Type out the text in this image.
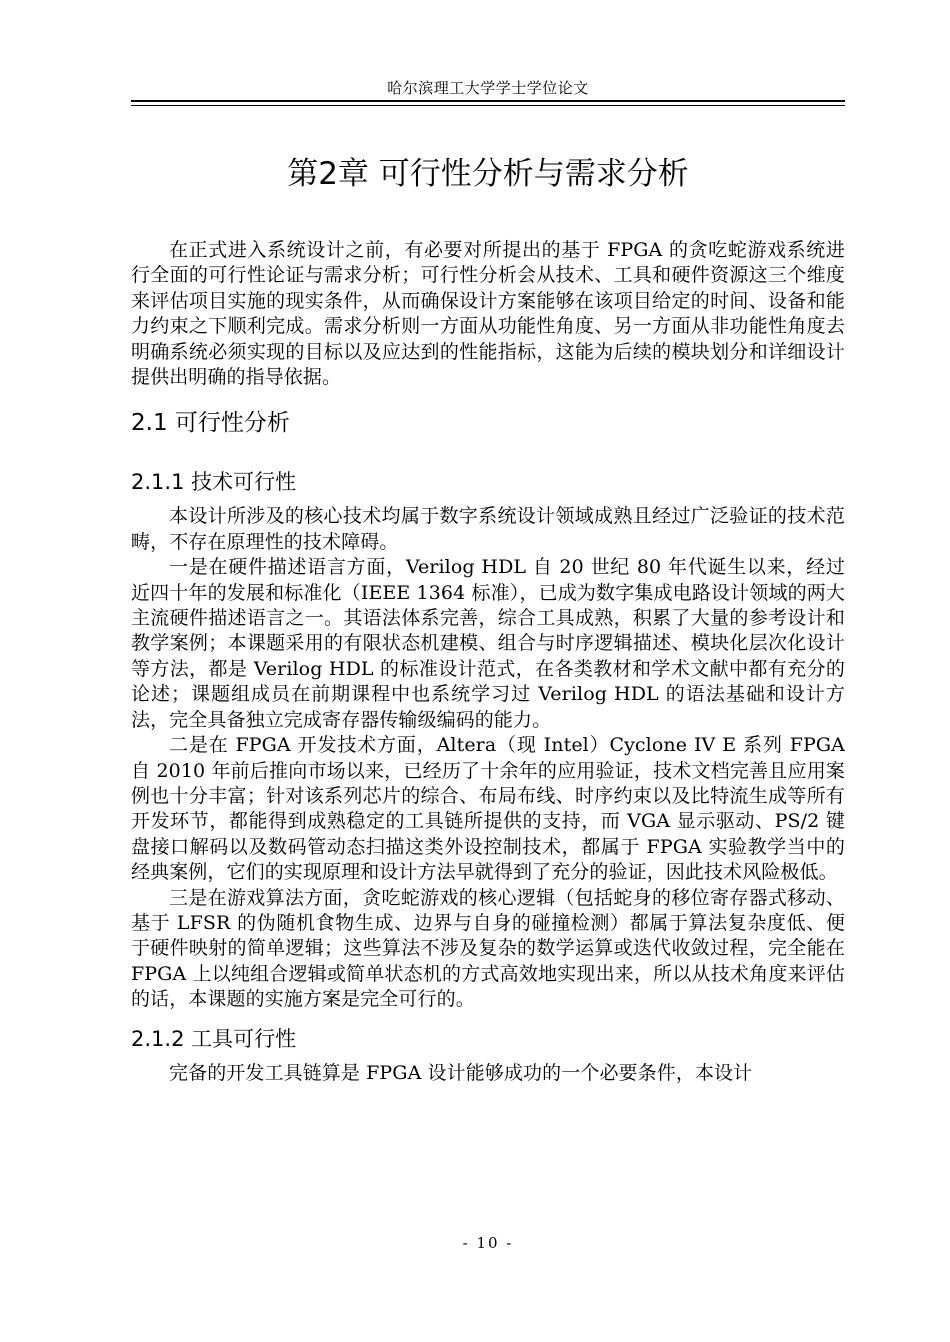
哈尔滨理工大学学士学位论文
第2章 可行性分析与需求分析

在正式进入系统设计之前，有必要对所提出的基于 FPGA 的贪吃蛇游戏系统进行全面的可行性论证与需求分析；可行性分析会从技术、工具和硬件资源这三个维度来评估项目实施的现实条件，从而确保设计方案能够在该项目给定的时间、设备和能力约束之下顺利完成。需求分析则一方面从功能性角度、另一方面从非功能性角度去明确系统必须实现的目标以及应达到的性能指标，这能为后续的模块划分和详细设计提供出明确的指导依据。

2.1 可行性分析
2.1.1 技术可行性

本设计所涉及的核心技术均属于数字系统设计领域成熟且经过广泛验证的技术范畴，不存在原理性的技术障碍。

一是在硬件描述语言方面，Verilog HDL 自 20 世纪 80 年代诞生以来，经过近四十年的发展和标准化（IEEE 1364 标准），已成为数字集成电路设计领域的两大主流硬件描述语言之一。其语法体系完善，综合工具成熟，积累了大量的参考设计和教学案例；本课题采用的有限状态机建模、组合与时序逻辑描述、模块化层次化设计等方法，都是 Verilog HDL 的标准设计范式，在各类教材和学术文献中都有充分的论述；课题组成员在前期课程中也系统学习过 Verilog HDL 的语法基础和设计方法，完全具备独立完成寄存器传输级编码的能力。

二是在 FPGA 开发技术方面，Altera（现 Intel）Cyclone IV E 系列 FPGA 自 2010 年前后推向市场以来，已经历了十余年的应用验证，技术文档完善且应用案例也十分丰富；针对该系列芯片的综合、布局布线、时序约束以及比特流生成等所有开发环节，都能得到成熟稳定的工具链所提供的支持，而 VGA 显示驱动、PS/2 键盘接口解码以及数码管动态扫描这类外设控制技术，都属于 FPGA 实验教学当中的经典案例，它们的实现原理和设计方法早就得到了充分的验证，因此技术风险极低。

三是在游戏算法方面，贪吃蛇游戏的核心逻辑（包括蛇身的移位寄存器式移动、基于 LFSR 的伪随机食物生成、边界与自身的碰撞检测）都属于算法复杂度低、便于硬件映射的简单逻辑；这些算法不涉及复杂的数学运算或迭代收敛过程，完全能在 FPGA 上以纯组合逻辑或简单状态机的方式高效地实现出来，所以从技术角度来评估的话，本课题的实施方案是完全可行的。

2.1.2 工具可行性

完备的开发工具链算是 FPGA 设计能够成功的一个必要条件，本设计

- 10 -
